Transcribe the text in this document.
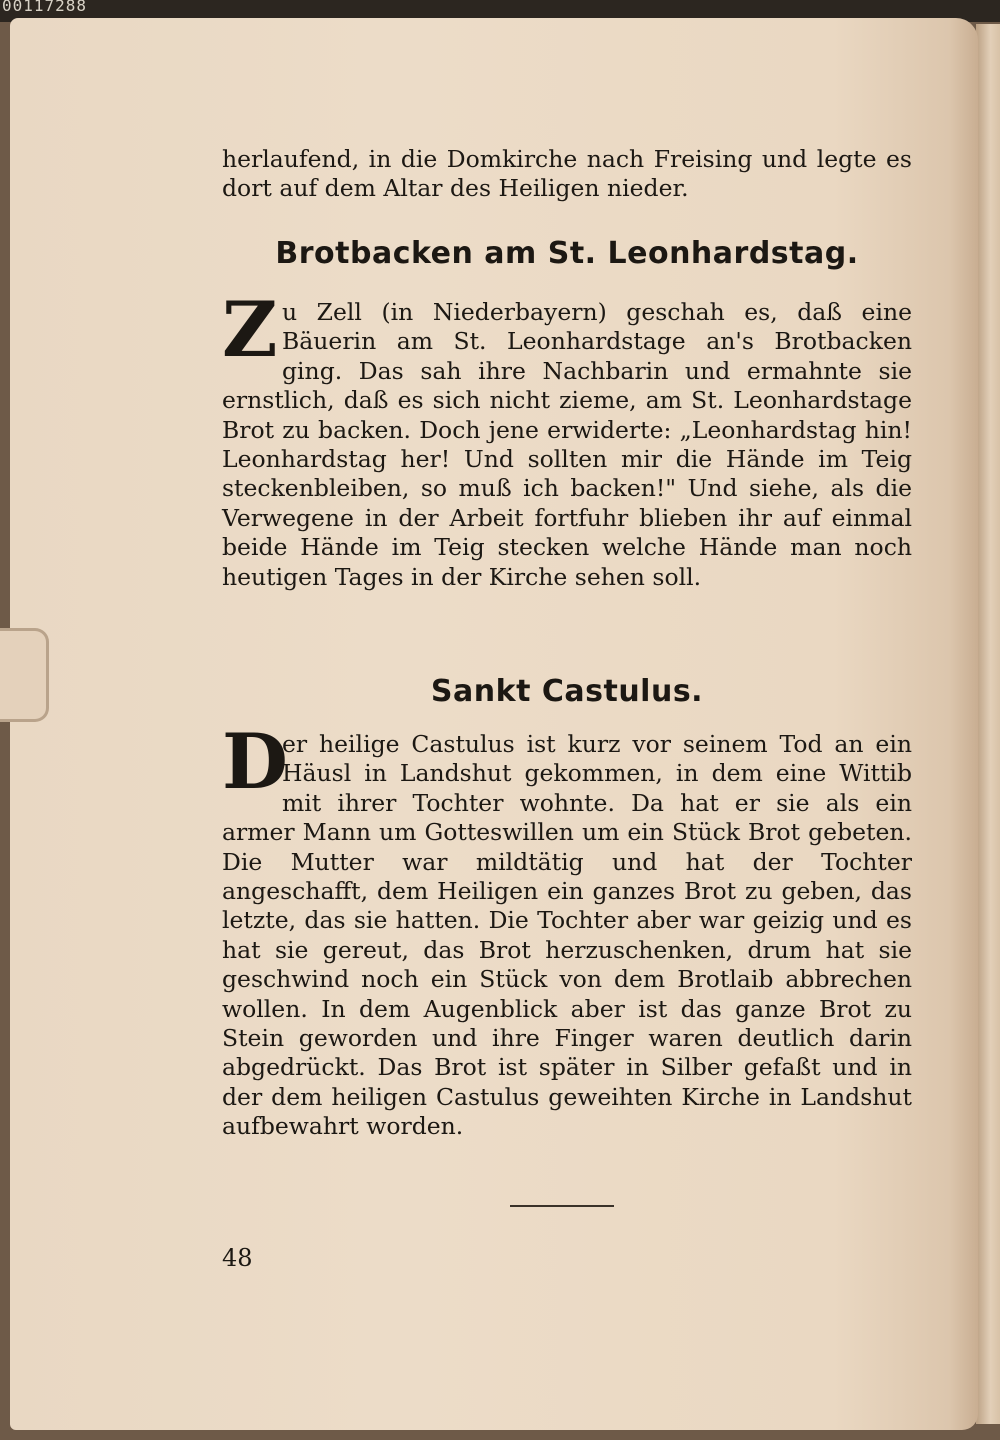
00117288
herlaufend, in die Domkirche nach Freising und legte es dort auf dem Altar des Heiligen nieder.
Brotbacken am St. Leonhardstag.
Z u Zell (in Niederbayern) geschah es, daß eine Bäuerin am St. Leonhardstage an's Brotbacken ging. Das sah ihre Nachbarin und ermahnte sie ernstlich, daß es sich nicht zieme, am St. Leonhardstage Brot zu backen. Doch jene erwiderte: „Leonhardstag hin! Leonhardstag her! Und sollten mir die Hände im Teig steckenbleiben, so muß ich backen!" Und siehe, als die Verwegene in der Arbeit fortfuhr blieben ihr auf einmal beide Hände im Teig stecken welche Hände man noch heutigen Tages in der Kirche sehen soll.
Sankt Castulus.
D
er heilige Castulus ist kurz vor seinem Tod an ein Häusl in Landshut gekommen, in dem eine Wittib mit ihrer Tochter wohnte. Da hat er sie als ein armer Mann um Gotteswillen um ein Stück Brot gebeten. Die Mutter war mildtätig und hat der Tochter angeschafft, dem Heiligen ein ganzes Brot zu geben, das letzte, das sie hatten. Die Tochter aber war geizig und es hat sie gereut, das Brot herzuschenken, drum hat sie geschwind noch ein Stück von dem Brotlaib abbrechen wollen. In dem Augenblick aber ist das ganze Brot zu Stein geworden und ihre Finger waren deutlich darin abgedrückt. Das Brot ist später in Silber gefaßt und in der dem heiligen Castulus geweihten Kirche in Landshut aufbewahrt worden.
48
